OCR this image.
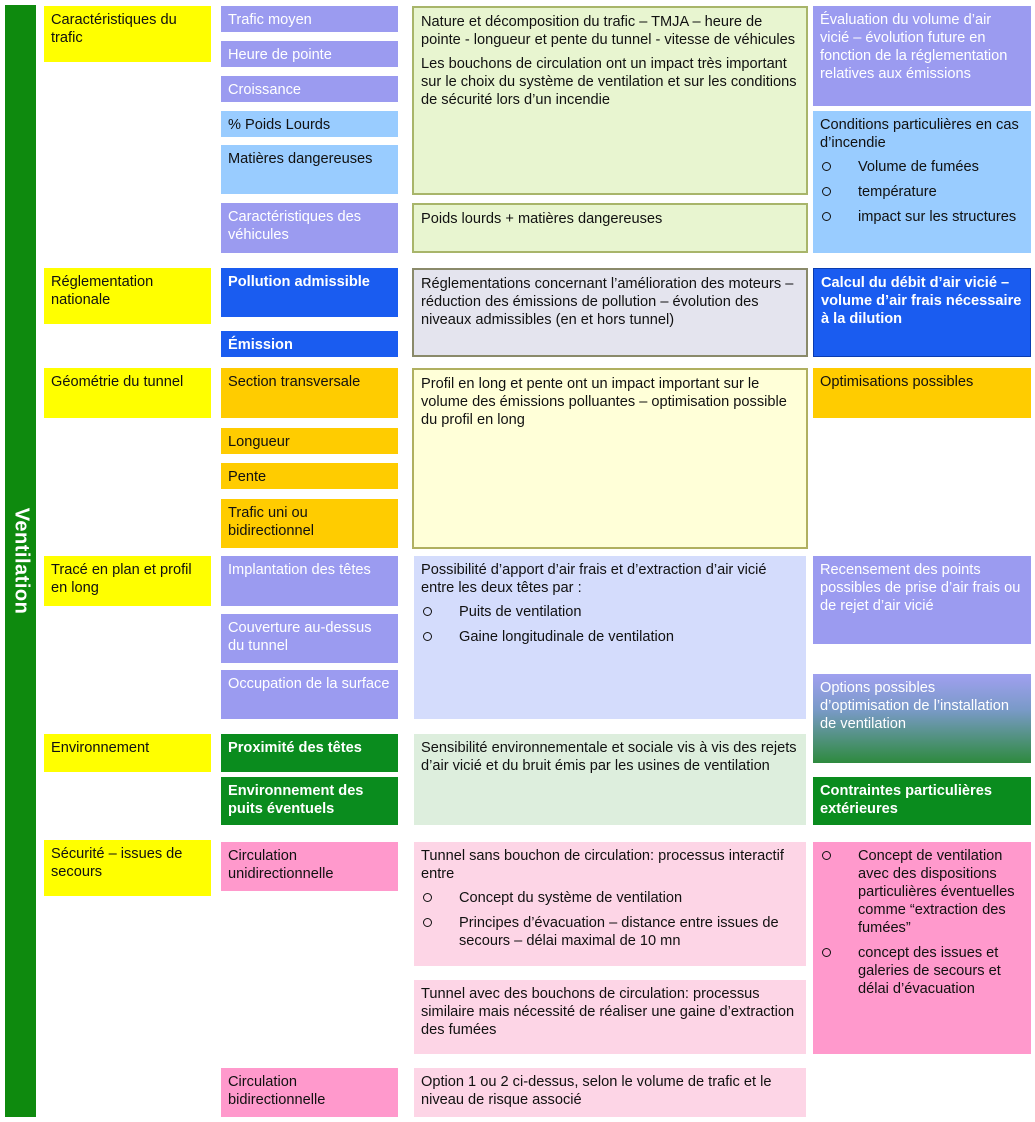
Ventilation
Caractéristiques du trafic
Réglementation nationale
Géométrie du tunnel
Tracé en plan et profil en long
Environnement
Sécurité – issues de secours
Trafic moyen
Heure de pointe
Croissance
% Poids Lourds
Matières dangereuses
Caractéristiques des véhicules
Pollution admissible
Émission
Section transversale
Longueur
Pente
Trafic uni ou bidirectionnel
Implantation des têtes
Couverture au-dessus du tunnel
Occupation de la surface
Proximité des têtes
Environnement des puits éventuels
Circulation unidirectionnelle
Circulation bidirectionnelle

Nature et décomposition du trafic – TMJA – heure de pointe - longueur et pente du tunnel - vitesse de véhicules

Les bouchons de circulation ont un impact très important sur le choix du système de ventilation et sur les conditions de sécurité lors d’un incendie

Poids lourds + matières dangereuses
Réglementations concernant l’amélioration des moteurs – réduction des émissions de pollution – évolution des niveaux admissibles (en et hors tunnel)
Profil en long et pente ont un impact important sur le volume des émissions polluantes – optimisation possible du profil en long

Possibilité d’apport d’air frais et d’extraction d’air vicié entre les deux têtes par :

Puits de ventilation
Gaine longitudinale de ventilation
Sensibilité environnementale et sociale vis à vis des rejets d’air vicié et du bruit émis par les usines de ventilation

Tunnel sans bouchon de circulation: processus interactif entre

Concept du système de ventilation
Principes d’évacuation – distance entre issues de secours – délai maximal de 10 mn
Tunnel avec des bouchons de circulation: processus similaire mais nécessité de réaliser une gaine d’extraction des fumées
Option 1 ou 2 ci-dessus, selon le volume de trafic et le niveau de risque associé
Évaluation du volume d’air vicié – évolution future en fonction de la réglementation relatives aux émissions

Conditions particulières en cas d’incendie

Volume de fumées
température
impact sur les structures
Calcul du débit d’air vicié – volume d’air frais nécessaire à la dilution
Optimisations possibles
Recensement des points possibles de prise d’air frais ou de rejet d’air vicié
Options possibles d’optimisation de l’installation de ventilation
Contraintes particulières extérieures
Concept de ventilation avec des dispositions particulières éventuelles comme “extraction des fumées”
concept des issues et galeries de secours et délai d’évacuation
